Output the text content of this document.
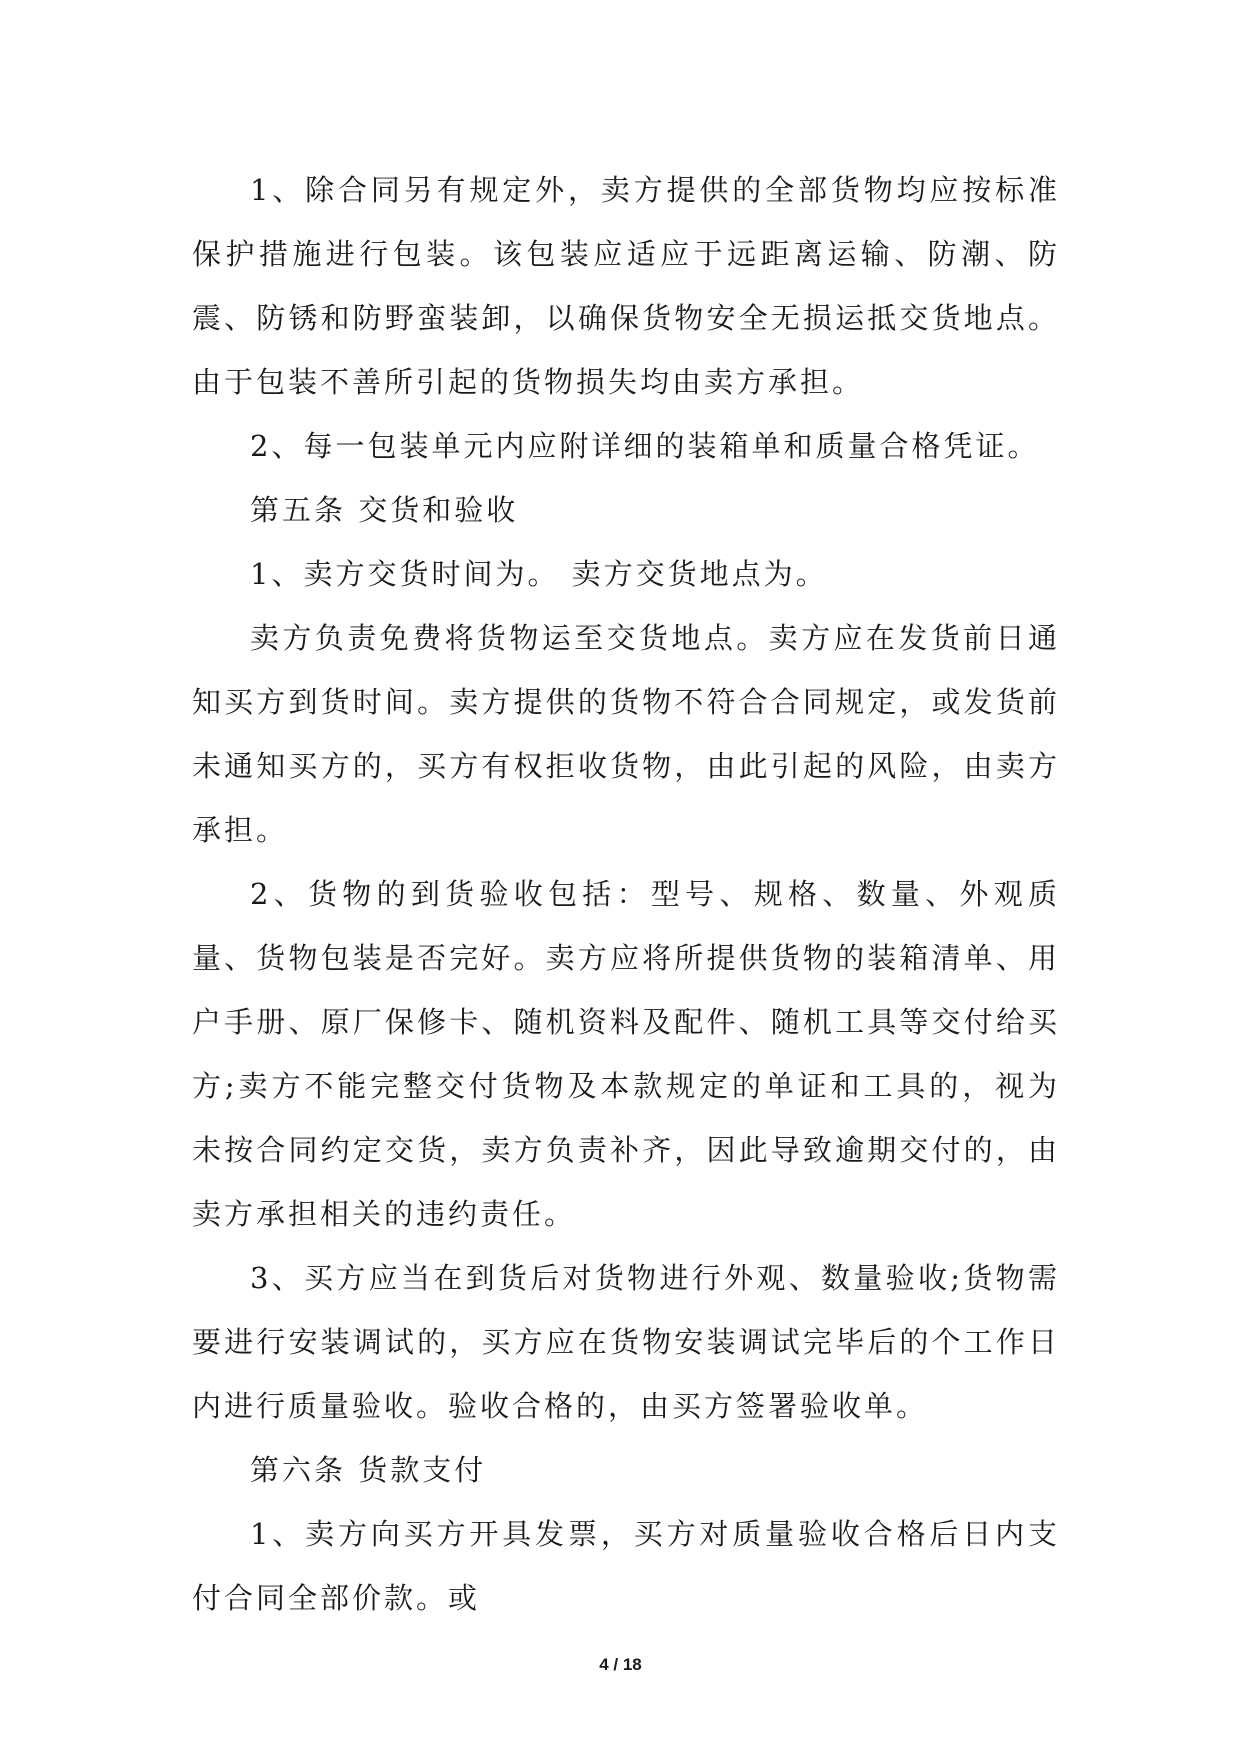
1、除合同另有规定外，卖方提供的全部货物均应按标准保护措施进行包装。该包装应适应于远距离运输、防潮、防震、防锈和防野蛮装卸，以确保货物安全无损运抵交货地点。由于包装不善所引起的货物损失均由卖方承担。

2、每一包装单元内应附详细的装箱单和质量合格凭证。

第五条 交货和验收

1、卖方交货时间为。 卖方交货地点为。

卖方负责免费将货物运至交货地点。卖方应在发货前日通知买方到货时间。卖方提供的货物不符合合同规定，或发货前未通知买方的，买方有权拒收货物，由此引起的风险，由卖方承担。

2、货物的到货验收包括：型号、规格、数量、外观质量、货物包装是否完好。卖方应将所提供货物的装箱清单、用户手册、原厂保修卡、随机资料及配件、随机工具等交付给买方;卖方不能完整交付货物及本款规定的单证和工具的，视为未按合同约定交货，卖方负责补齐，因此导致逾期交付的，由卖方承担相关的违约责任。

3、买方应当在到货后对货物进行外观、数量验收;货物需要进行安装调试的，买方应在货物安装调试完毕后的个工作日内进行质量验收。验收合格的，由买方签署验收单。

第六条 货款支付

1、卖方向买方开具发票，买方对质量验收合格后日内支付合同全部价款。或

4 / 18
